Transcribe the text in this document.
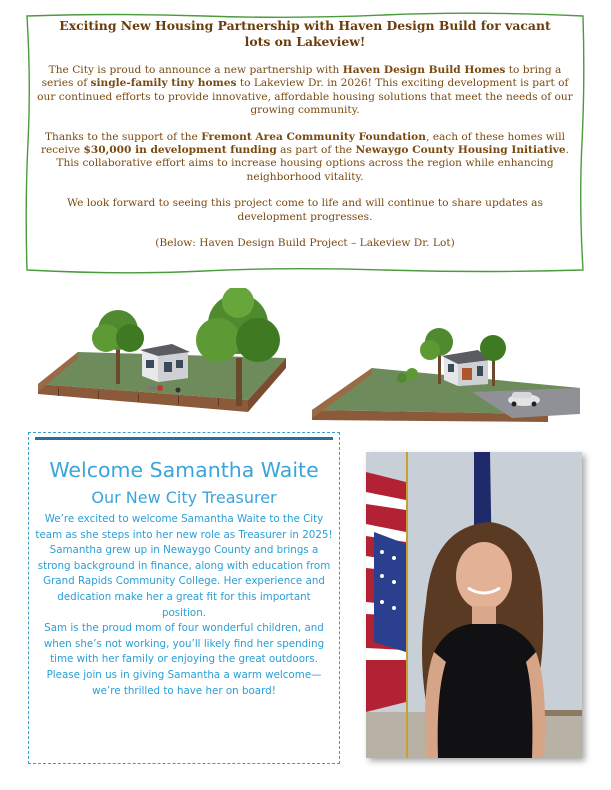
Exciting New Housing Partnership with Haven Design Build for vacant lots on Lakeview!

The City is proud to announce a new partnership with Haven Design Build Homes to bring a series of single-family tiny homes to Lakeview Dr. in 2026! This exciting development is part of our continued efforts to provide innovative, affordable housing solutions that meet the needs of our growing community.

Thanks to the support of the Fremont Area Community Foundation, each of these homes will receive $30,000 in development funding as part of the Newaygo County Housing Initiative. This collaborative effort aims to increase housing options across the region while enhancing neighborhood vitality.

We look forward to seeing this project come to life and will continue to share updates as development progresses.

(Below: Haven Design Build Project – Lakeview Dr. Lot)

Welcome Samantha Waite
Our New City Treasurer

We’re excited to welcome Samantha Waite to the City team as she steps into her new role as Treasurer in 2025!

Samantha grew up in Newaygo County and brings a strong background in finance, along with education from Grand Rapids Community College. Her experience and dedication make her a great fit for this important position.

Sam is the proud mom of four wonderful children, and when she’s not working, you’ll likely find her spending time with her family or enjoying the great outdoors.

Please join us in giving Samantha a warm welcome—we’re thrilled to have her on board!
